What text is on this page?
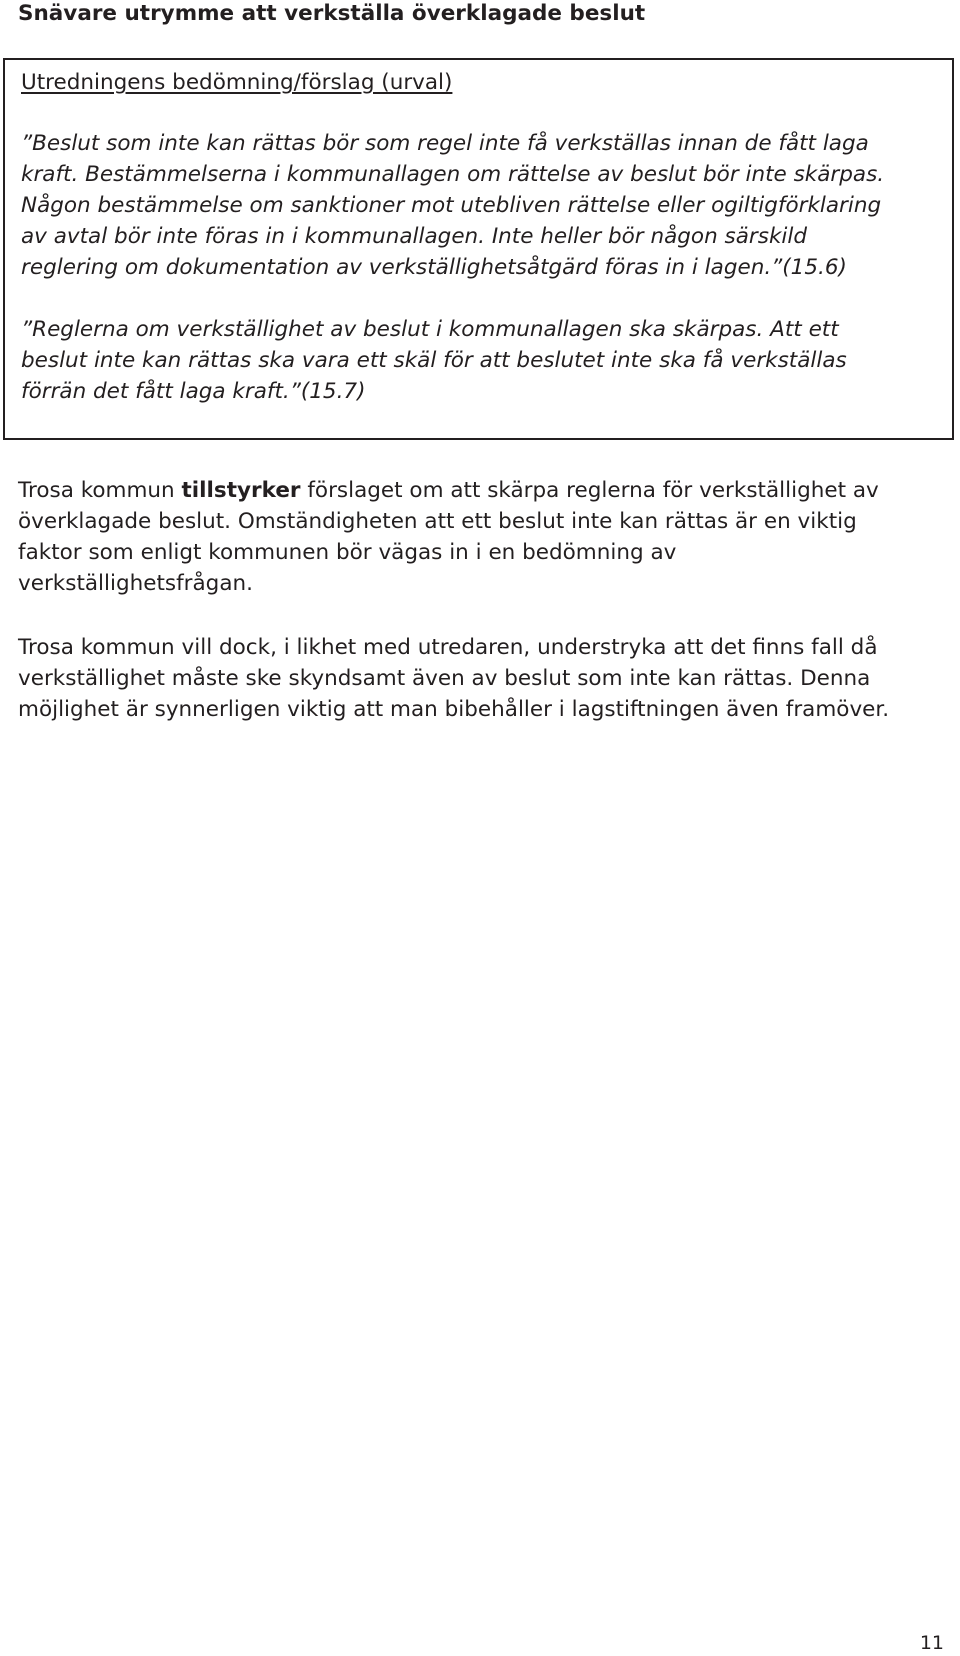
Snävare utrymme att verkställa överklagade beslut

Utredningens bedömning/förslag (urval)

”Beslut som inte kan rättas bör som regel inte få verkställas innan de fått laga
kraft. Bestämmelserna i kommunallagen om rättelse av beslut bör inte skärpas.
Någon bestämmelse om sanktioner mot utebliven rättelse eller ogiltigförklaring
av avtal bör inte föras in i kommunallagen. Inte heller bör någon särskild
reglering om dokumentation av verkställighetsåtgärd föras in i lagen.”(15.6)

”Reglerna om verkställighet av beslut i kommunallagen ska skärpas. Att ett
beslut inte kan rättas ska vara ett skäl för att beslutet inte ska få verkställas
förrän det fått laga kraft.”(15.7)

Trosa kommun tillstyrker förslaget om att skärpa reglerna för verkställighet av
överklagade beslut. Omständigheten att ett beslut inte kan rättas är en viktig
faktor som enligt kommunen bör vägas in i en bedömning av
verkställighetsfrågan.

Trosa kommun vill dock, i likhet med utredaren, understryka att det finns fall då
verkställighet måste ske skyndsamt även av beslut som inte kan rättas. Denna
möjlighet är synnerligen viktig att man bibehåller i lagstiftningen även framöver.

11
